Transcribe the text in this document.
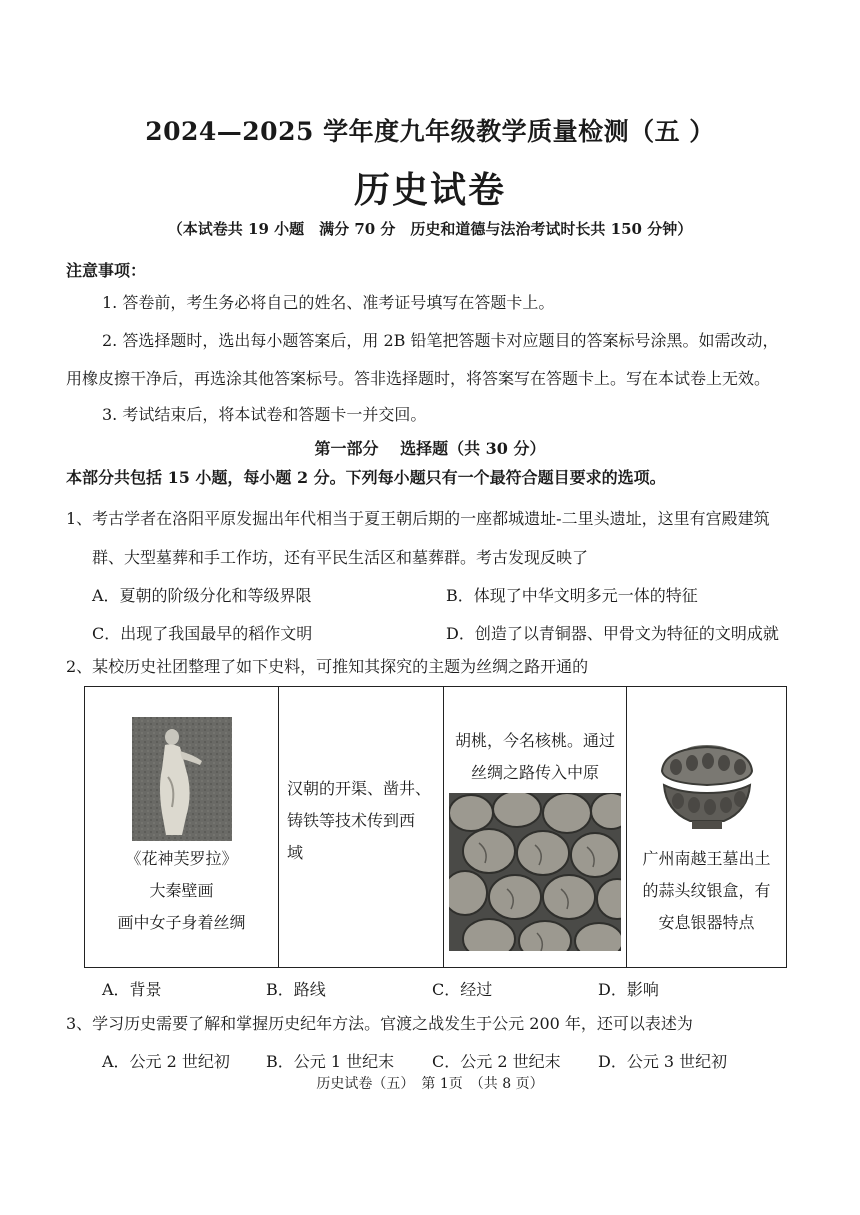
2024—2025 学年度九年级教学质量检测（五 ）
历史试卷
（本试卷共 19 小题　满分 70 分　历史和道德与法治考试时长共 150 分钟）
注意事项：
1. 答卷前，考生务必将自己的姓名、准考证号填写在答题卡上。
2. 答选择题时，选出每小题答案后，用 2B 铅笔把答题卡对应题目的答案标号涂黑。如需改动，
用橡皮擦干净后，再选涂其他答案标号。答非选择题时，将答案写在答题卡上。写在本试卷上无效。
3. 考试结束后，将本试卷和答题卡一并交回。
第一部分　 选择题（共 30 分）
本部分共包括 15 小题，每小题 2 分。下列每小题只有一个最符合题目要求的选项。
1、考古学者在洛阳平原发掘出年代相当于夏王朝后期的一座都城遗址-二里头遗址，这里有宫殿建筑
群、大型墓葬和手工作坊，还有平民生活区和墓葬群。考古发现反映了
A．夏朝的阶级分化和等级界限	B．体现了中华文明多元一体的特征
C．出现了我国最早的稻作文明	D．创造了以青铜器、甲骨文为特征的文明成就
2、某校历史社团整理了如下史料，可推知其探究的主题为丝绸之路开通的
《花神芙罗拉》
大秦壁画
画中女子身着丝绸

汉朝的开渠、凿井、
铸铁等技术传到西
域

胡桃，今名核桃。通过
丝绸之路传入中原

广州南越王墓出土
的蒜头纹银盒，有
安息银器特点
A．背景	B．路线	C．经过	D．影响
3、学习历史需要了解和掌握历史纪年方法。官渡之战发生于公元 200 年，还可以表述为
A．公元 2 世纪初 B．公元 1 世纪末 C．公元 2 世纪末 D．公元 3 世纪初
历史试卷（五）　第 1页　（共 8 页）
